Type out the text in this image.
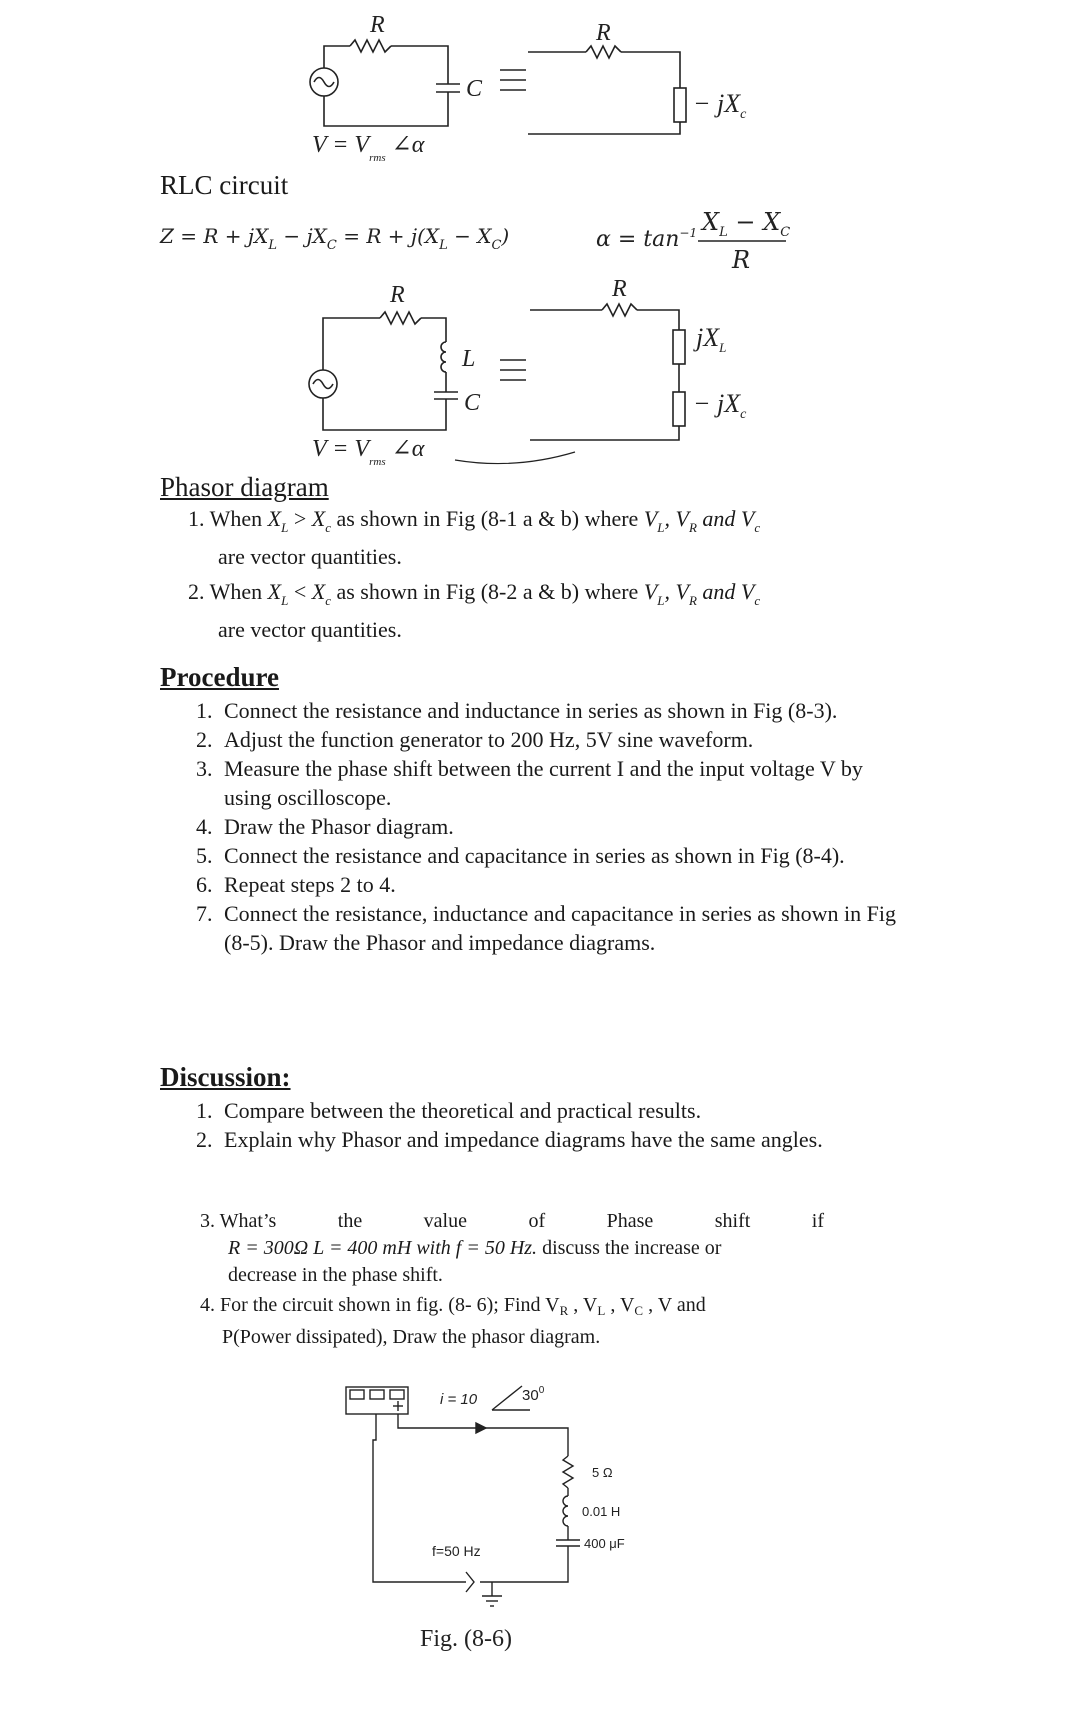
R
C
R
− $jX_c$
$V = V_{rms}$ ∠α
R
L
C
R
$jX_L$
− $jX_c$
$V = V_{rms}$ ∠α
i = 10	$30^0$
5 Ω
0.01 H
400 μF
f=50 Hz
Fig. (8-6)
RLC circuit
$Z = R + jX_L - jX_C = R + j(X_L - X_C)$	$\alpha = \tan^{-1} X_L - X_C$
R
Phasor diagram
1. When $X_L > X_c$ as shown in Fig (8-1 a & b) where $V_L$, $V_R$ and $V_c$
are vector quantities.
2. When $X_L < X_c$ as shown in Fig (8-2 a & b) where $V_L$, $V_R$ and $V_c$
are vector quantities.
Procedure
1. Connect the resistance and inductance in series as shown in Fig (8-3).
2. Adjust the function generator to 200 Hz, 5V sine waveform.
3. Measure the phase shift between the current I and the input voltage V by using oscilloscope.
4. Draw the Phasor diagram.
5. Connect the resistance and capacitance in series as shown in Fig (8-4).
6. Repeat steps 2 to 4.
7. Connect the resistance, inductance and capacitance in series as shown in Fig (8-5). Draw the Phasor and impedance diagrams.
Discussion:
1. Compare between the theoretical and practical results.
2. Explain why Phasor and impedance diagrams have the same angles.
3. What’s	the	value	of	Phase	shift	if
R = 300Ω L = 400 mH with f = 50 Hz. discuss the increase or
decrease in the phase shift.
4. For the circuit shown in fig. (8- 6); Find $V_R$ , $V_L$ , $V_C$ , V and
P(Power dissipated), Draw the phasor diagram.
